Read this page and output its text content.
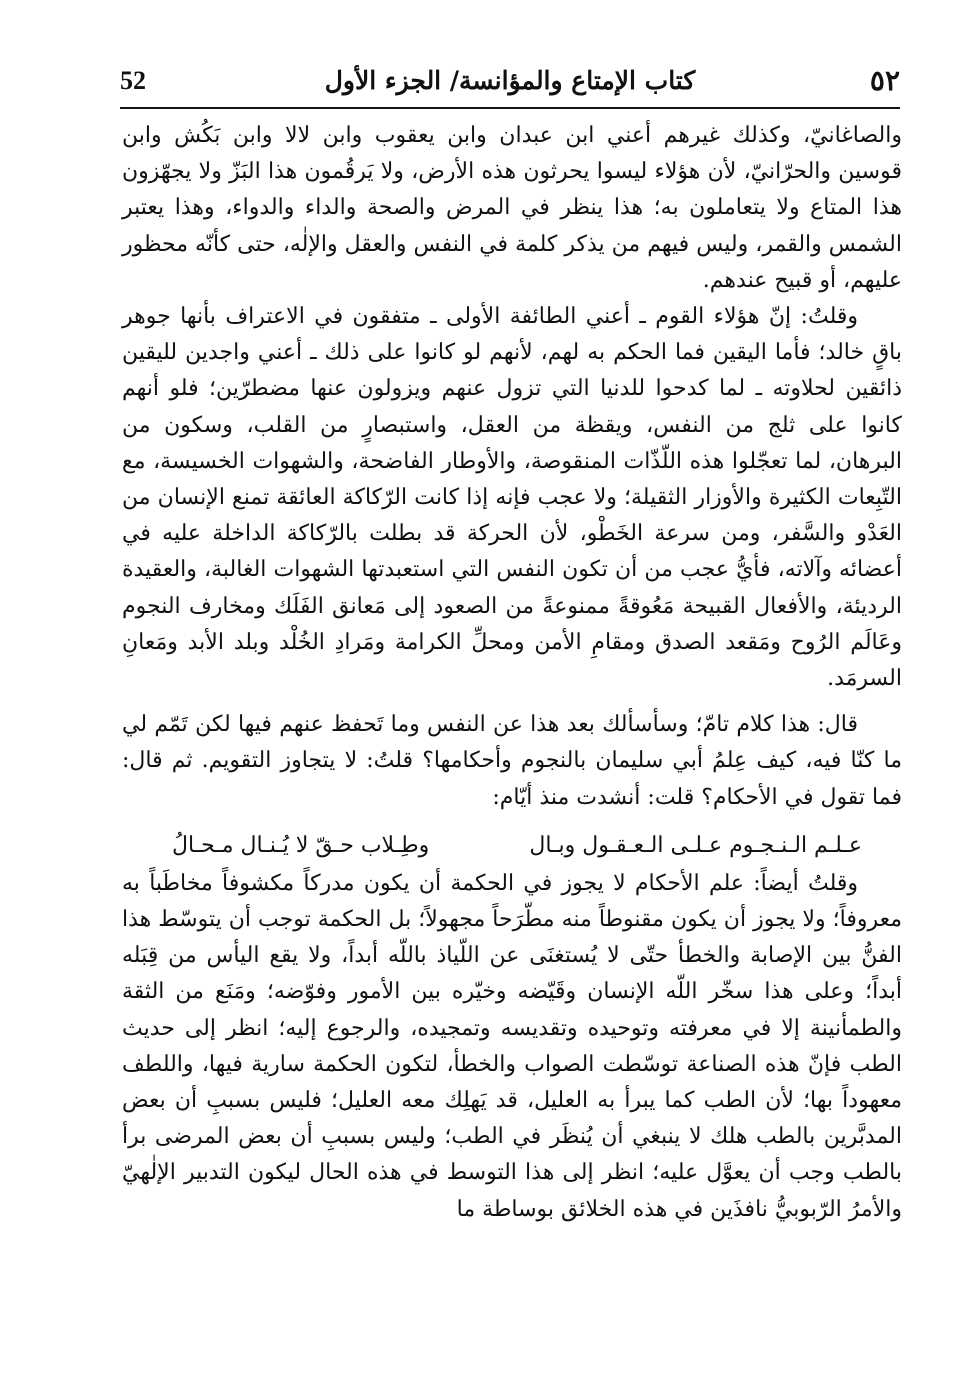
52	كتاب الإمتاع والمؤانسة/ الجزء الأول	٥٢

والصاغانيّ، وكذلك غيرهم أعني ابن عبدان وابن يعقوب وابن لالا وابن بَكُش وابن قوسين والحرّانيّ، لأن هؤلاء ليسوا يحرثون هذه الأرض، ولا يَرقُمون هذا البَزّ ولا يجهّزون هذا المتاع ولا يتعاملون به؛ هذا ينظر في المرض والصحة والداء والدواء، وهذا يعتبر الشمس والقمر، وليس فيهم من يذكر كلمة في النفس والعقل والإلٰه، حتى كأنّه محظور عليهم، أو قبيح عندهم.

وقلتُ: إنّ هؤلاء القوم ـ أعني الطائفة الأولى ـ متفقون في الاعتراف بأنها جوهر باقٍ خالد؛ فأما اليقين فما الحكم به لهم، لأنهم لو كانوا على ذلك ـ أعني واجدين لليقين ذائقين لحلاوته ـ لما كدحوا للدنيا التي تزول عنهم ويزولون عنها مضطرّين؛ فلو أنهم كانوا على ثلج من النفس، ويقظة من العقل، واستبصارٍ من القلب، وسكون من البرهان، لما تعجّلوا هذه اللّذّات المنقوصة، والأوطار الفاضحة، والشهوات الخسيسة، مع التّبِعات الكثيرة والأوزار الثقيلة؛ ولا عجب فإنه إذا كانت الرّكاكة العائقة تمنع الإنسان من العَدْو والسَّفر، ومن سرعة الخَطْو، لأن الحركة قد بطلت بالرّكاكة الداخلة عليه في أعضائه وآلاته، فأيُّ عجب من أن تكون النفس التي استعبدتها الشهوات الغالبة، والعقيدة الرديئة، والأفعال القبيحة مَعُوقةً ممنوعةً من الصعود إلى مَعانق الفَلَك ومخارف النجوم وعَالَم الرُوح ومَقعد الصدق ومقامِ الأمن ومحلِّ الكرامة ومَرادِ الخُلْد وبلد الأبد ومَعانِ السرمَد.

قال: هذا كلام تامّ؛ وسأسألك بعد هذا عن النفس وما تَحفظ عنهم فيها لكن تَمّم لي ما كنّا فيه، كيف عِلمُ أبي سليمان بالنجوم وأحكامها؟ قلتُ: لا يتجاوز التقويم. ثم قال: فما تقول في الأحكام؟ قلت: أنشدت منذ أيّام:

عـلـم الـنـجـوم عـلـى الـعـقـول وبـال
وطِـلاب حـقّ لا يُـنـال مـحـالُ

وقلتُ أيضاً: علم الأحكام لا يجوز في الحكمة أن يكون مدركاً مكشوفاً مخاطَباً به معروفاً؛ ولا يجوز أن يكون مقنوطاً منه مطّرَحاً مجهولاً؛ بل الحكمة توجب أن يتوسّط هذا الفنُّ بين الإصابة والخطأ حتّى لا يُستغنَى عن اللّياذ باللّه أبداً، ولا يقع اليأس من قِبَله أبداً؛ وعلى هذا سخّر اللّه الإنسان وقَيّضه وخيّره بين الأمور وفوّضه؛ ومَنَع من الثقة والطمأنينة إلا في معرفته وتوحيده وتقديسه وتمجيده، والرجوع إليه؛ انظر إلى حديث الطب فإنّ هذه الصناعة توسّطت الصواب والخطأ، لتكون الحكمة سارية فيها، واللطف معهوداً بها؛ لأن الطب كما يبرأ به العليل، قد يَهلِك معه العليل؛ فليس بسببِ أن بعض المدبَّرين بالطب هلك لا ينبغي أن يُنظَر في الطب؛ وليس بسببِ أن بعض المرضى برأ بالطب وجب أن يعوَّل عليه؛ انظر إلى هذا التوسط في هذه الحال ليكون التدبير الإلٰهيّ والأمرُ الرّبوبيُّ نافذَين في هذه الخلائق بوساطة ما
